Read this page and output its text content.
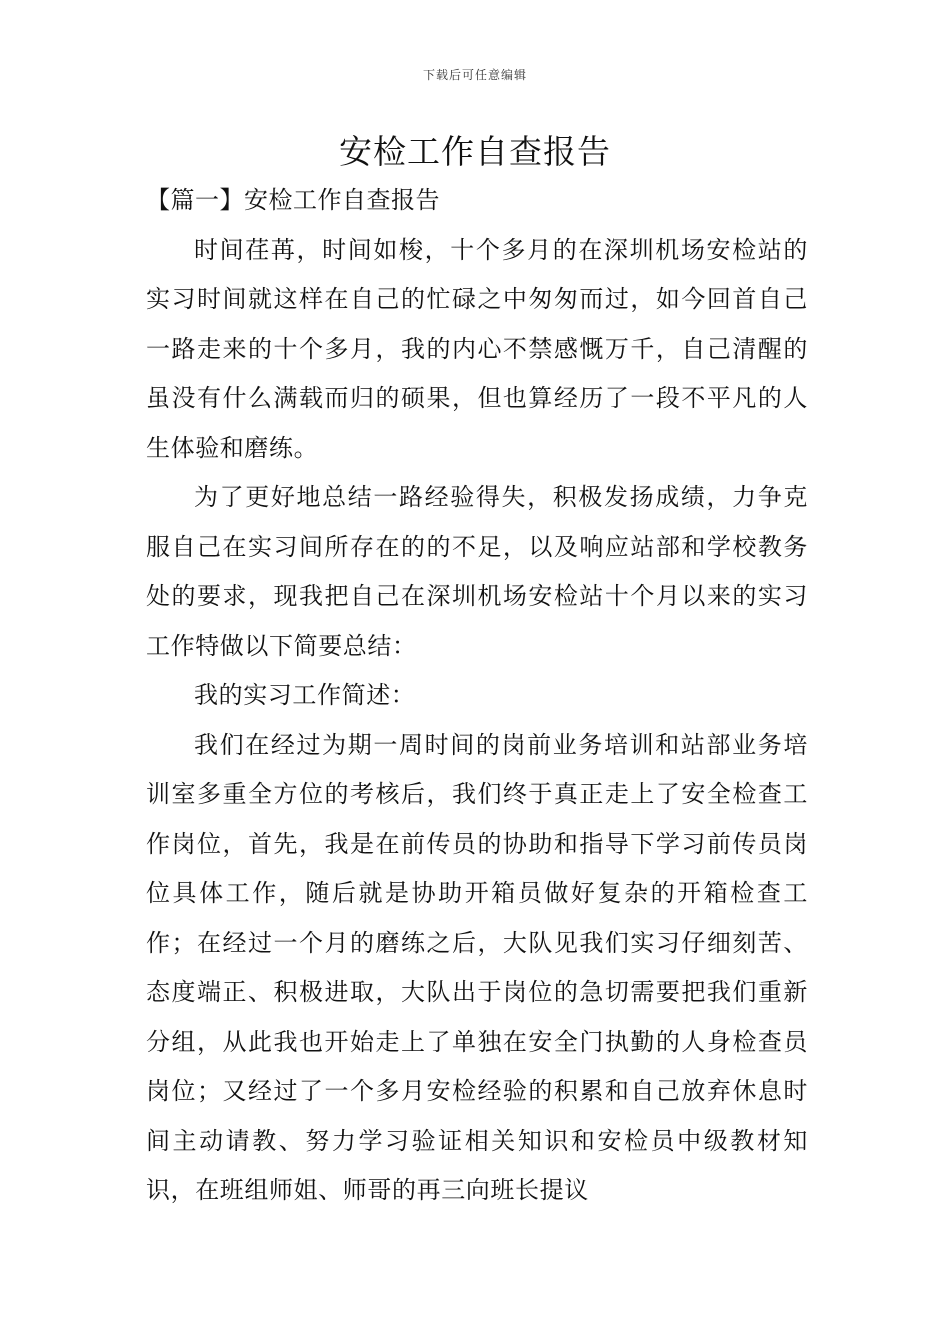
下载后可任意编辑
安检工作自查报告

【篇一】安检工作自查报告

时间荏苒，时间如梭，十个多月的在深圳机场安检站的实习时间就这样在自己的忙碌之中匆匆而过，如今回首自己一路走来的十个多月，我的内心不禁感慨万千，自己清醒的虽没有什么满载而归的硕果，但也算经历了一段不平凡的人生体验和磨练。

为了更好地总结一路经验得失，积极发扬成绩，力争克服自己在实习间所存在的的不足，以及响应站部和学校教务处的要求，现我把自己在深圳机场安检站十个月以来的实习工作特做以下简要总结：

我的实习工作简述：

我们在经过为期一周时间的岗前业务培训和站部业务培训室多重全方位的考核后，我们终于真正走上了安全检查工作岗位，首先，我是在前传员的协助和指导下学习前传员岗位具体工作，随后就是协助开箱员做好复杂的开箱检查工作；在经过一个月的磨练之后，大队见我们实习仔细刻苦、态度端正、积极进取，大队出于岗位的急切需要把我们重新分组，从此我也开始走上了单独在安全门执勤的人身检查员岗位；又经过了一个多月安检经验的积累和自己放弃休息时间主动请教、努力学习验证相关知识和安检员中级教材知识，在班组师姐、师哥的再三向班长提议
